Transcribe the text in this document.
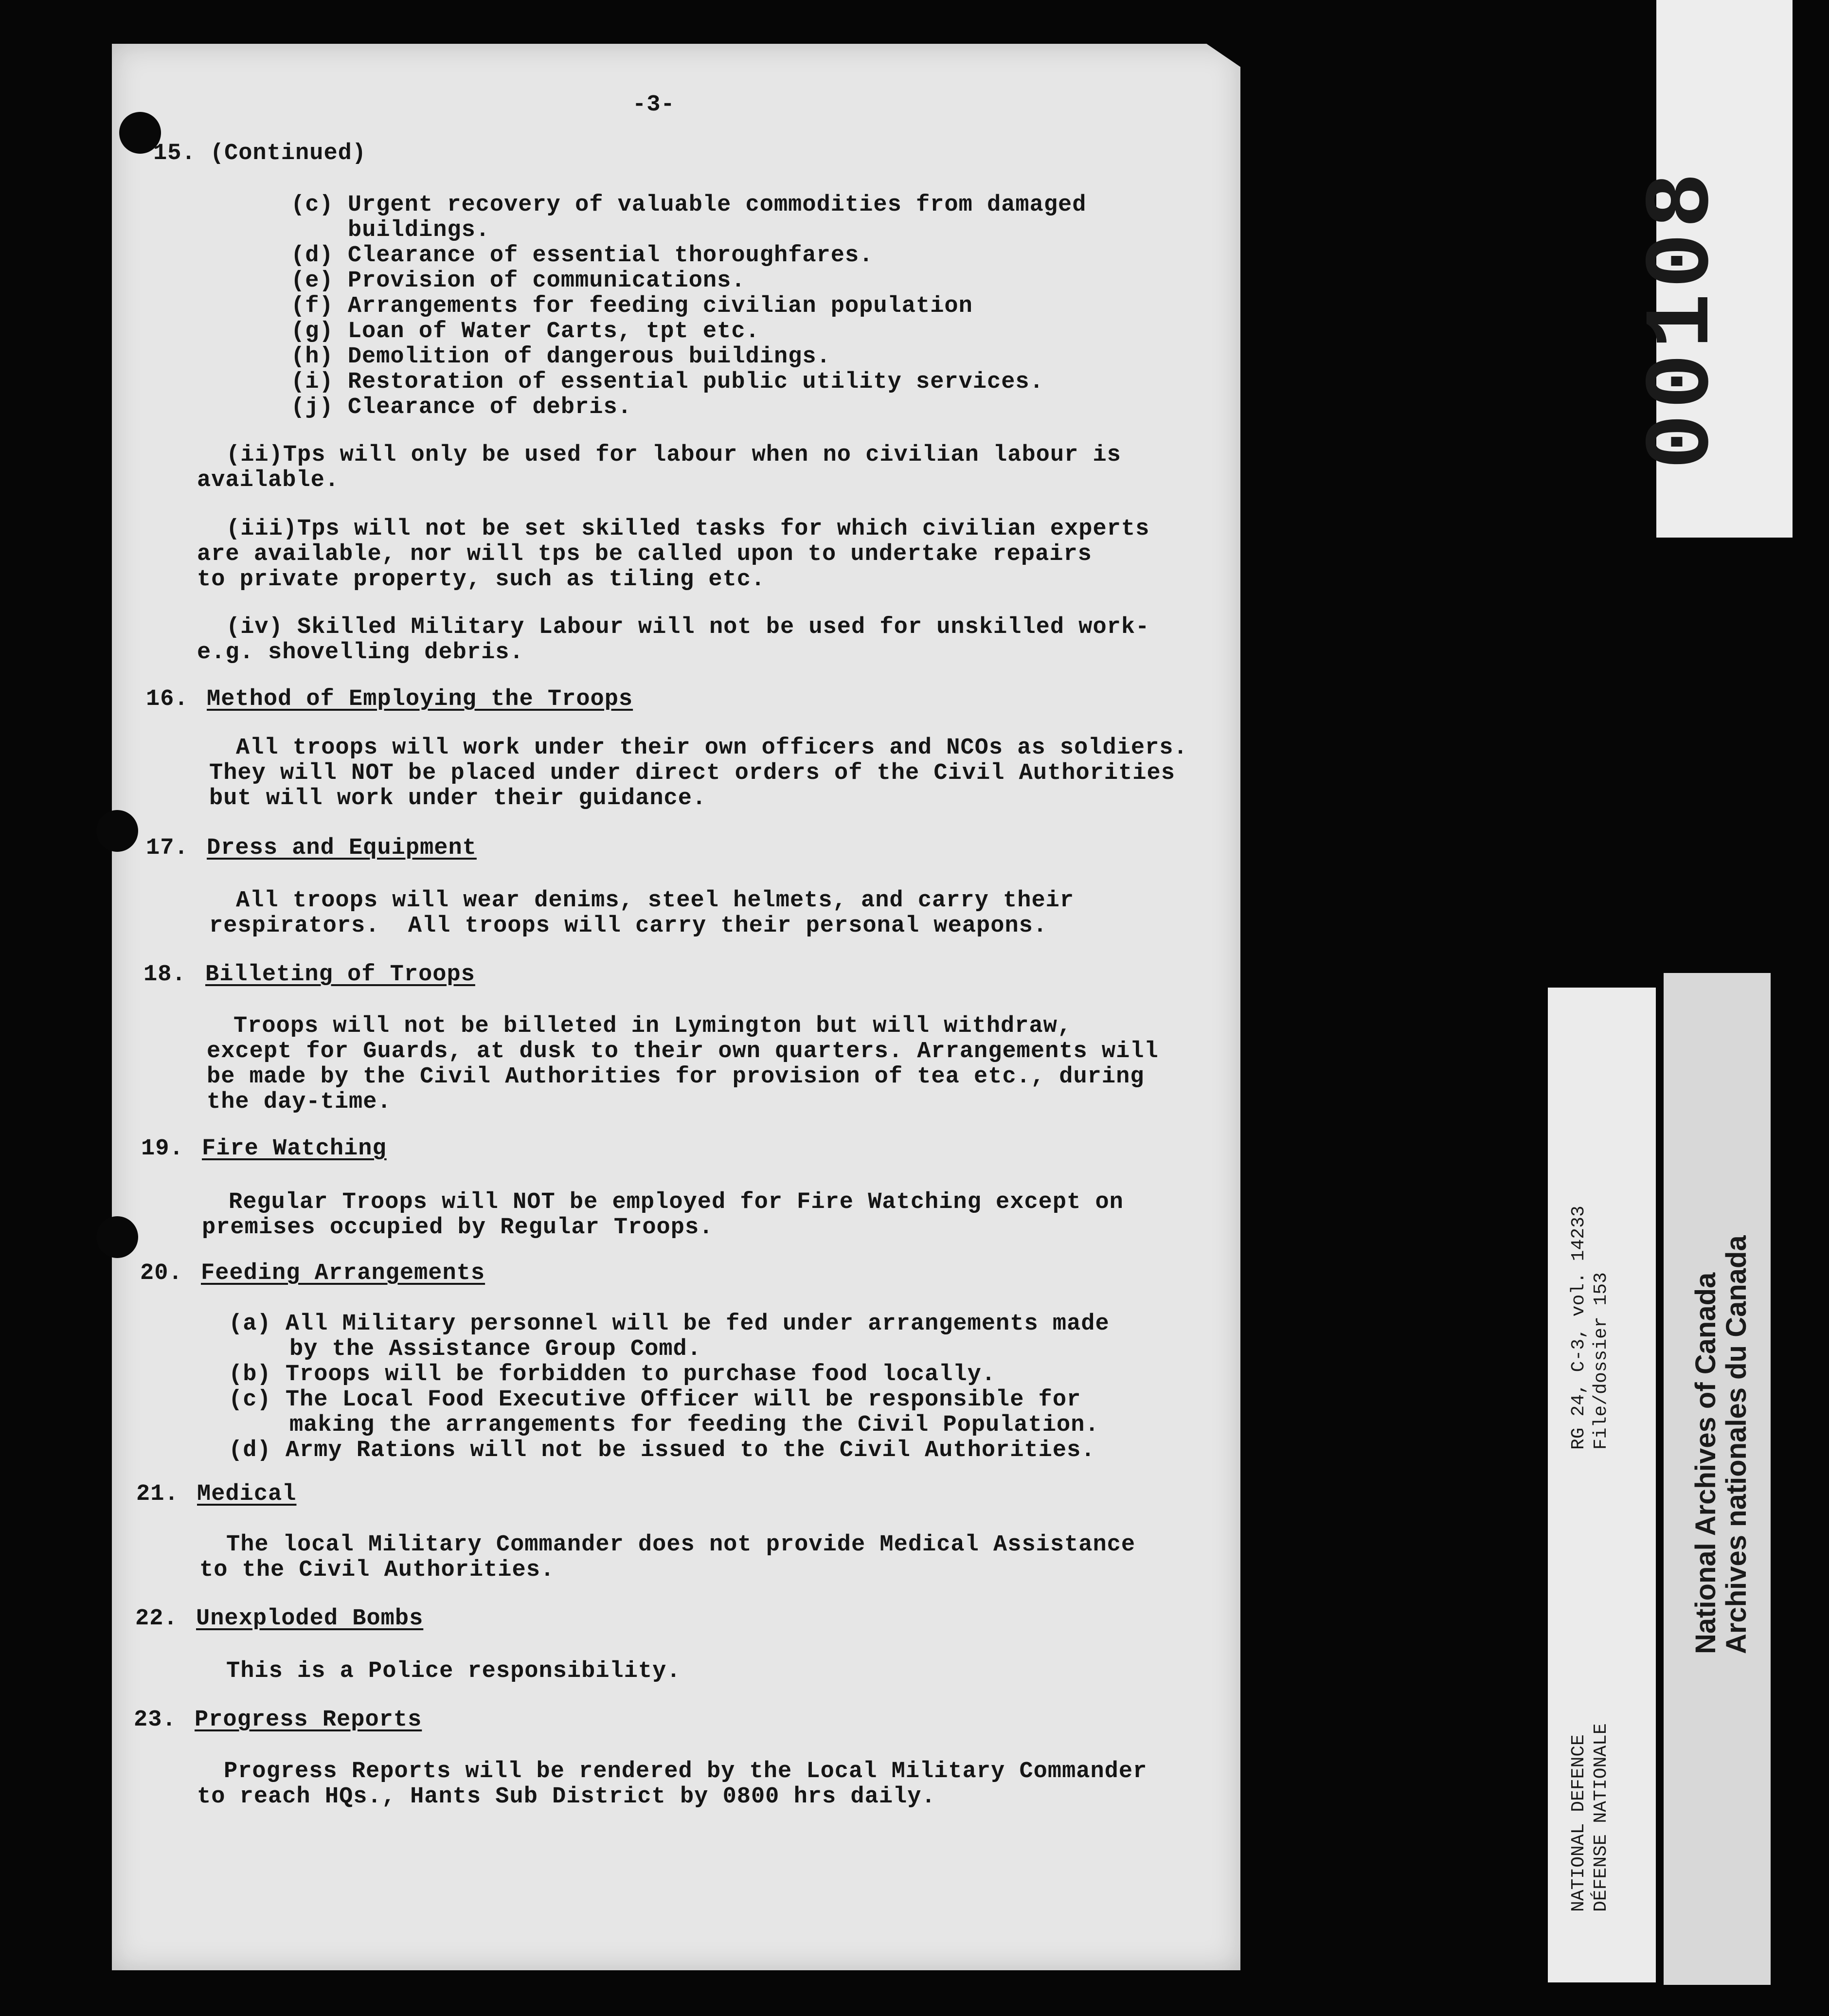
-3-
15. (Continued)
(c) Urgent recovery of valuable commodities from damaged
buildings.
(d) Clearance of essential thoroughfares.
(e) Provision of communications.
(f) Arrangements for feeding civilian population
(g) Loan of Water Carts, tpt etc.
(h) Demolition of dangerous buildings.
(i) Restoration of essential public utility services.
(j) Clearance of debris.
(ii)Tps will only be used for labour when no civilian labour is
available.
(iii)Tps will not be set skilled tasks for which civilian experts
are available, nor will tps be called upon to undertake repairs
to private property, such as tiling etc.
(iv) Skilled Military Labour will not be used for unskilled work-
e.g. shovelling debris.
16. Method of Employing the Troops
All troops will work under their own officers and NCOs as soldiers.
They will NOT be placed under direct orders of the Civil Authorities
but will work under their guidance.
17. Dress and Equipment
All troops will wear denims, steel helmets, and carry their
respirators.  All troops will carry their personal weapons.
18. Billeting of Troops
Troops will not be billeted in Lymington but will withdraw,
except for Guards, at dusk to their own quarters. Arrangements will
be made by the Civil Authorities for provision of tea etc., during
the day-time.
19. Fire Watching
Regular Troops will NOT be employed for Fire Watching except on
premises occupied by Regular Troops.
20. Feeding Arrangements
(a) All Military personnel will be fed under arrangements made
by the Assistance Group Comd.
(b) Troops will be forbidden to purchase food locally.
(c) The Local Food Executive Officer will be responsible for
making the arrangements for feeding the Civil Population.
(d) Army Rations will not be issued to the Civil Authorities.
21. Medical
The local Military Commander does not provide Medical Assistance
to the Civil Authorities.
22. Unexploded Bombs
This is a Police responsibility.
23. Progress Reports
Progress Reports will be rendered by the Local Military Commander
to reach HQs., Hants Sub District by 0800 hrs daily.
00108
RG 24, C-3, vol. 14233 File/dossier 153
NATIONAL DEFENCE DÉFENSE NATIONALE
National Archives of Canada
Archives nationales du Canada
